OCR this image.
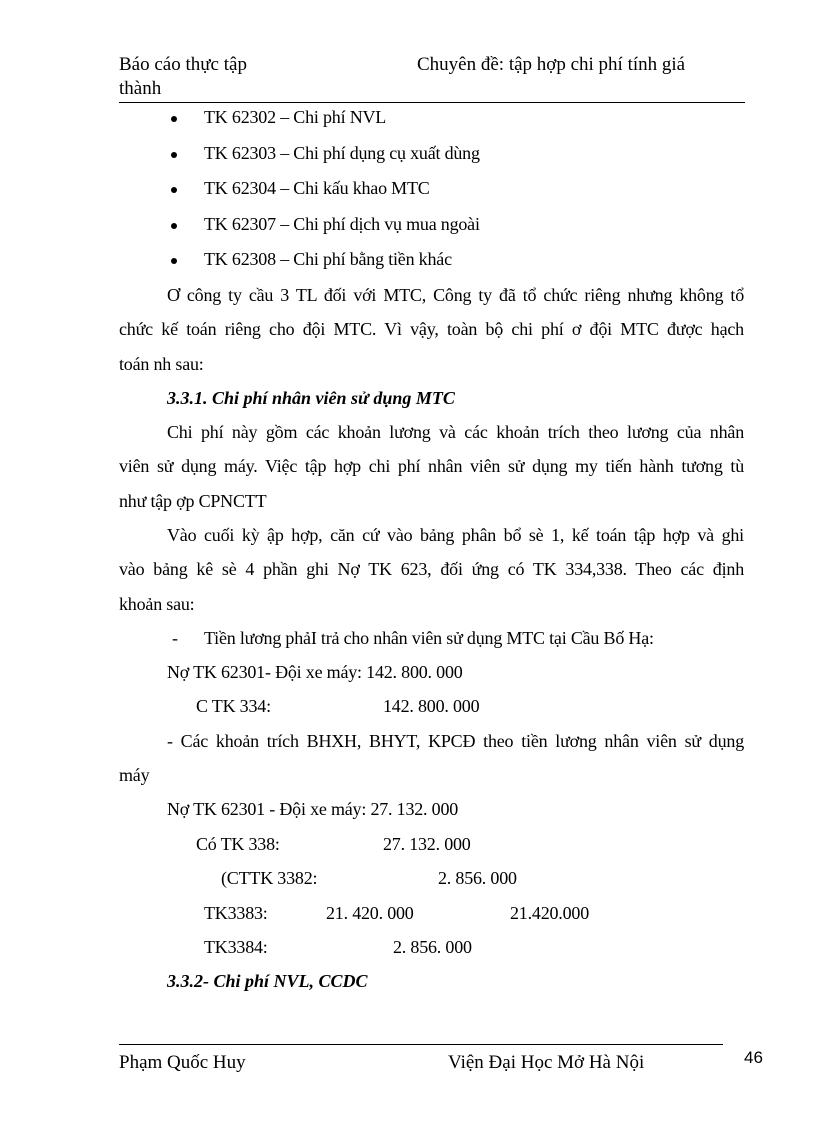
Báo cáo thực tập	Chuyên đề: tập hợp chi phí tính giá
thành
TK 62302 – Chi phí NVL
TK 62303 – Chi phí dụng cụ xuất dùng
TK 62304 – Chi kấu khao MTC
TK 62307 – Chi phí dịch vụ mua ngoài
TK 62308 – Chi phí bằng tiền khác
Ơ công ty cầu 3 TL đối với MTC, Công ty đã tổ chức riêng nhưng không tổ
chức kế toán riêng cho đội MTC. Vì vậy, toàn bộ chi phí ơ đội MTC được hạch
toán nh sau:
3.3.1. Chi phí nhân viên sử dụng MTC
Chi phí này gồm các khoản lương và các khoản trích theo lương của nhân
viên sử dụng máy. Việc tập hợp chi phí nhân viên sử dụng my tiến hành tương tù
như tập ợp CPNCTT
Vào cuối kỳ ập hợp, căn cứ vào bảng phân bổ sè 1, kế toán tập hợp và ghi
vào bảng kê sè 4 phần ghi Nợ TK 623, đối ứng có TK 334,338. Theo các định
khoản sau:
- Tiền lương phảI trả cho nhân viên sử dụng MTC tại Cầu Bố Hạ:
Nợ TK 62301- Đội xe máy: 142. 800. 000
C TK 334:	142. 800. 000
- Các khoản trích BHXH, BHYT, KPCĐ theo tiền lương nhân viên sử dụng
máy
Nợ TK 62301 - Đội xe máy: 27. 132. 000
Có TK 338:	27. 132. 000
(CTTK 3382:	2. 856. 000
TK3383:	21. 420. 000	21.420.000
TK3384:	2. 856. 000
3.3.2- Chi phí NVL, CCDC
Phạm Quốc Huy	Viện Đại Học Mở Hà Nội	46
